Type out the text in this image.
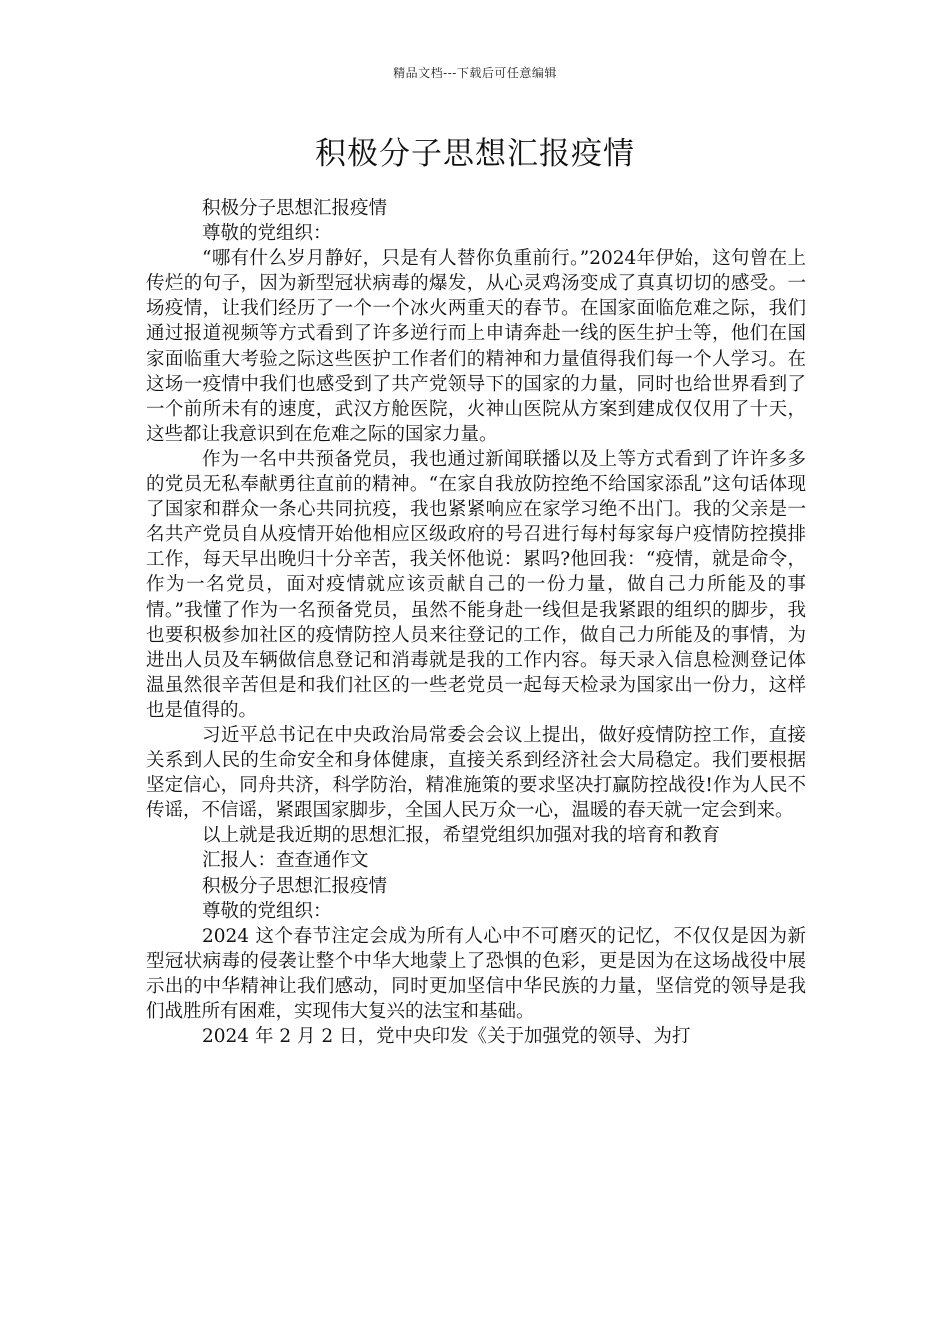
精品文档---下载后可任意编辑
积极分子思想汇报疫情

积极分子思想汇报疫情

尊敬的党组织：

“哪有什么岁月静好，只是有人替你负重前行。”2024年伊始，这句曾在上传烂的句子，因为新型冠状病毒的爆发，从心灵鸡汤变成了真真切切的感受。一场疫情，让我们经历了一个一个冰火两重天的春节。在国家面临危难之际，我们通过报道视频等方式看到了许多逆行而上申请奔赴一线的医生护士等，他们在国家面临重大考验之际这些医护工作者们的精神和力量值得我们每一个人学习。在这场一疫情中我们也感受到了共产党领导下的国家的力量，同时也给世界看到了一个前所未有的速度，武汉方舱医院，火神山医院从方案到建成仅仅用了十天，这些都让我意识到在危难之际的国家力量。

作为一名中共预备党员，我也通过新闻联播以及上等方式看到了许许多多的党员无私奉献勇往直前的精神。“在家自我放防控绝不给国家添乱”这句话体现了国家和群众一条心共同抗疫，我也紧紧响应在家学习绝不出门。我的父亲是一名共产党员自从疫情开始他相应区级政府的号召进行每村每家每户疫情防控摸排工作，每天早出晚归十分辛苦，我关怀他说：累吗?他回我：“疫情，就是命令，作为一名党员，面对疫情就应该贡献自己的一份力量，做自己力所能及的事情。”我懂了作为一名预备党员，虽然不能身赴一线但是我紧跟的组织的脚步，我也要积极参加社区的疫情防控人员来往登记的工作，做自己力所能及的事情，为进出人员及车辆做信息登记和消毒就是我的工作内容。每天录入信息检测登记体温虽然很辛苦但是和我们社区的一些老党员一起每天检录为国家出一份力，这样也是值得的。

习近平总书记在中央政治局常委会会议上提出，做好疫情防控工作，直接关系到人民的生命安全和身体健康，直接关系到经济社会大局稳定。我们要根据坚定信心，同舟共济，科学防治，精准施策的要求坚决打赢防控战役!作为人民不传谣，不信谣，紧跟国家脚步，全国人民万众一心，温暖的春天就一定会到来。

以上就是我近期的思想汇报，希望党组织加强对我的培育和教育

汇报人：查查通作文

积极分子思想汇报疫情

尊敬的党组织：

2024 这个春节注定会成为所有人心中不可磨灭的记忆，不仅仅是因为新型冠状病毒的侵袭让整个中华大地蒙上了恐惧的色彩，更是因为在这场战役中展示出的中华精神让我们感动，同时更加坚信中华民族的力量，坚信党的领导是我们战胜所有困难，实现伟大复兴的法宝和基础。

2024 年 2 月 2 日，党中央印发《关于加强党的领导、为打
